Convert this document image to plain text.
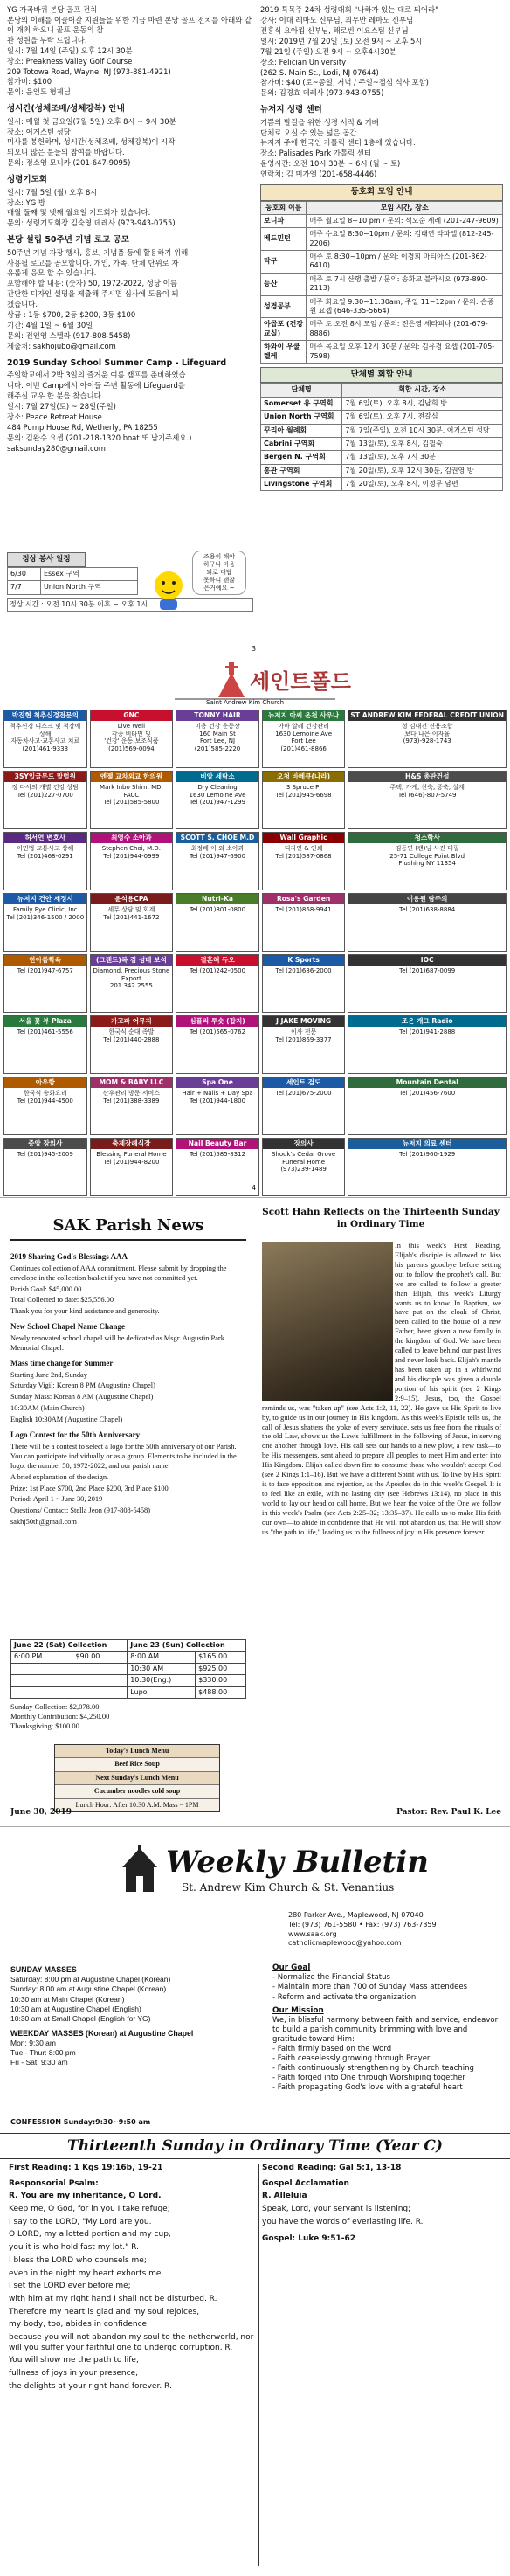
YG 가곡바퀴 본당 골프 전치

본당의 이해를 이끌어갈 지원들을 위한 기금 마련 본당 골프 전치를 아래와 같이 개최 하오니 골프 운동의 참

관 성원을 부탁 드립니다.

일시: 7월 14일 (주일) 오후 12시 30분

장소: Preakness Valley Golf Course

209 Totowa Road, Wayne, NJ (973-881-4921)

참가비: $100

문의: 윤인도 형제님

성시간(성체조배/성체강복) 안내

일시: 매월 첫 금요일(7월 5일) 오후 8시 ~ 9시 30분

장소: 어거스틴 성당

미사를 봉헌하며, 성시간(성체조배, 성체강복)이 시작

되오니 많은 분들의 참여를 바랍니다.

문의: 정소영 모니카 (201-647-9095)

성령기도회

일시: 7월 5일 (월) 오후 8시

장소: YG 방

매월 둘째 및 넷째 월요일 기도회가 있습니다.

문의: 성령기도회장 김숙영 데레사 (973-943-0755)

본당 설립 50주년 기념 로고 공모

50주년 기념 자장 행사, 홍보, 기념품 등에 활용하기 위해

사용될 로고를 공모합니다. 개인, 가족, 단체 단위로 자

유롭게 응모 할 수 있습니다.

포함해야 할 내용: (숫자) 50, 1972-2022, 성당 이름

간단한 디자인 설명을 제출해 주시면 심사에 도움이 되

겠습니다.

상금 : 1등 $700, 2등 $200, 3등 $100

기간: 4월 1일 ~ 6월 30일

문의: 전인영 스텔라 (917-808-5458)

제출처: sakhojubo@gmail.com

2019 Sunday School Summer Camp - Lifeguard

주일학교에서 2박 3일의 즐거운 여름 캠프를 준비하였습

니다. 이번 Camp에서 아이들 주변 활동에 Lifeguard를

해주실 교우 한 분을 찾습니다.

일시: 7월 27일(토) ~ 28일(주일)

장소: Peace Retreat House

484 Pump House Rd, Wetherly, PA 18255

문의: 김완수 요셉 (201-218-1320 boat 또 남기주세요.)

saksunday280@gmail.com

2019 특목주 24차 성령대회 "나하가 있는 대로 되어라"

강사: 이대 레마도 신부님, 최무만 레마도 신부님

전흥식 요아킴 신부님, 해로빈 이요스팀 신부님

일시: 2019년 7월 20일 (토) 오전 9시 ~ 오후 5시

7월 21일 (주일) 오전 9시 ~ 오후4시30분

장소: Felician University

(262 S. Main St., Lodi, NJ 07644)

참가비: $40 (토~종일, 저녁 / 주일~점심 식사 포함)

문의: 김경효 데레사 (973-943-0755)

뉴저지 성령 센터

기쁨의 발걸을 위한 성경 서적 & 기배

단체로 오실 수 있는 넓은 공간

뉴저지 주에 한국인 가톨릭 센터 1층에 있습니다.

장소: Palisades Park 가톨릭 센터

운영시간: 오전 10시 30분 ~ 6시 (월 ~ 토)

연락처: 김 미가엘 (201-658-4446)

동호회 모임 안내
동호회 이름	모임 시간, 장소
보니파	매주 월요일 8~10 pm / 문의: 석오순 세례 (201-247-9609)
베드민턴	매주 수요일 8:30~10pm / 문의: 김태연 라파엘 (812-245-2206)
탁구	매주 토 8:30~10pm / 문의: 이경희 마티아스 (201-362-6410)
등산	매주 토 7시 산행 출발 / 문의: 송화교 블라시오 (973-890-2113)
성경공부	매주 화요일 9:30~11:30am, 주일 11~12pm / 문의: 손종원 요셉 (646-335-5664)
야곱포 (건강교실)	매주 토 오전 8시 모임 / 문의: 전은영 세라피나 (201-679-8886)
하와이 우쿨렐레	매주 목요일 오후 12시 30분 / 문의: 김유경 요셉 (201-705-7598)
단체별 회합 안내
단체명	회합 시간, 장소
Somerset 유 구역회	7월 6일(토), 오후 8시, 김남희 방
Union North 구역회	7월 6일(토), 오후 7시, 전갈심
꾸리아 월례회	7월 7일(주일), 오전 10시 30분, 어거스틴 성당
Cabrini 구역회	7월 13일(토), 오후 8시, 김필숙
Bergen N. 구역회	7월 13일(토), 오후 7시 30분
홍관 구역회	7월 20일(토), 오후 12시 30분, 김권영 방
Livingstone 구역회	7월 20일(토), 오후 8시, 이정무 남편
정상 봉사 일정
6/30	Essex 구역
7/7	Union North 구역
정상 시간 : 오전 10시 30분 이후 ~ 오후 1시
조용히 해야
하구나 마음
되로 대답
못하니 괜찮
은거예요 ~
3
세인트폴드
Saint Andrew Kim Church
박진현 척추신경전문의
척추신경 디스크 및 척장애 상해
자동차사고·교통사고 치료
(201)461-9333
GNC
Live Well
각종 비타민 및
'건강' 운동 보조식품
(201)569-0094
TONNY HAIR
미용 건강 운동장
160 Main St
Fort Lee, NJ
(201)585-2220
뉴저지 아씨 온천 사우나
아마 알레 건강관리
1630 Lemoine Ave
Fort Lee
(201)461-8866
ST ANDREW KIM FEDERAL CREDIT UNION
성 김대건 신용조합
보다 나은 이자율
(973)-928-1743
3SY있글무드 말벌원
정 다사의 개별 건강 상담
Tel (201)227-0700
엔젤 교차외교 한의원
Mark Inbo Shim, MD, FACC
Tel (201)585-5800
비앙 세탁소
Dry Cleaning
1630 Lemoine Ave
Tel (201)947-1299
오청 바베큐(나라)
3 Spruce Pl
Tel (201)945-6698
H&S 총판건설
주택, 가게, 신축, 증축, 설계
Tel (646)-807-5749
허서연 변호사
이민법·교통사고·상해
Tel (201)468-0291
최영수 소아과
Stephen Choi, M.D.
Tel (201)944-0999
SCOTT S. CHOE M.D
최정배·이 외 소아과
Tel (201)947-6900
Wall Graphic
디자인 & 인쇄
Tel (201)587-0868
청소학사
김동연 (팬)님 사진 대필
25-71 College Point Blvd
Flushing NY 11354
뉴저지 건안 세정시
Family Eye Clinic, Inc
Tel (201)346-1500 / 2000
윤석용CPA
세무 상담 및 회계
Tel (201)441-1672
Nutri-Ka
Tel (201)801-0800
Rosa's Garden
Tel (201)868-9941
이용원 탐주의
Tel (201)638-8884
한아름학욕
Tel (201)947-6757
(그랜트)복 김 성테 보석
Diamond, Precious Stone Export
201 342 2555
결혼해 듀오
Tel (201)242-0500
K Sports
Tel (201)686-2000
IOC
Tel (201)687-0099
서울 꽃 뷰 Plaza
Tel (201)461-5556
가고파 어뮤지
한국식 순대·족발
Tel (201)440-2888
심플리 투숏 (잡지)
Tel (201)565-0762
J JAKE MOVING
이사 전문
Tel (201)869-3377
조은 개그 Radio
Tel (201)941-2888
아우항
한국식 송화요리
Tel (201)944-4500
MOM & BABY LLC
산후관리 방문 서비스
Tel (201)388-3389
Spa One
Hair + Nails + Day Spa
Tel (201)944-1800
세인트 검도
Tel (201)675-2000
Mountain Dental
Tel (201)456-7600
중앙 장의사
Tel (201)945-2009
축제장례식장
Blessing Funeral Home
Tel (201)944-8200
Nail Beauty Bar
Tel (201)585-8312
장의사
Shook's Cedar Grove Funeral Home
(973)239-1489
뉴저지 의료 센터
Tel (201)960-1929
4
SAK Parish News
2019 Sharing God's Blessings AAA

Continues collection of AAA commitment. Please submit by dropping the envelope in the collection basket if you have not committed yet.

Parish Goal: $45,000.00

Total Collected to date: $25,556.00

Thank you for your kind assistance and generosity.

New School Chapel Name Change

Newly renovated school chapel will be dedicated as Msgr. Augustin Park Memorial Chapel.

Mass time change for Summer

Starting June 2nd, Sunday

Saturday Vigil: Korean 8 PM (Augustine Chapel)

Sunday Mass: Korean 8 AM (Augustine Chapel)

10:30AM (Main Church)

English 10:30AM (Augustine Chapel)

Logo Contest for the 50th Anniversary

There will be a contest to select a logo for the 50th anniversary of our Parish. You can participate individually or as a group. Elements to be included in the logo: the number 50, 1972-2022, and our parish name.

A brief explanation of the design.

Prize: 1st Place $700, 2nd Place $200, 3rd Place $100

Period: April 1 ~ June 30, 2019

Questions/ Contact: Stella Jeon (917-808-5458)

sakhj50th@gmail.com

June 22 (Sat) Collection		June 23 (Sun) Collection	
6:00 PM	$90.00	8:00 AM	$165.00
		10:30 AM	$925.00
		10:30(Eng.)	$330.00
		Lupo	$488.00
Sunday Collection: $2,078.00
Monthly Contribution: $4,250.00
Thanksgiving: $100.00
Today's Lunch Menu
Beef Rice Soup
Next Sunday's Lunch Menu
Cucumber noodles cold soup
Lunch Hour: After 10:30 A.M. Mass ~ 1PM
Scott Hahn Reflects on the Thirteenth Sunday in Ordinary Time
In this week's First Reading, Elijah's disciple is allowed to kiss his parents goodbye before setting out to follow the prophet's call. But we are called to follow a greater than Elijah, this week's Liturgy wants us to know. In Baptism, we have put on the cloak of Christ, been called to the house of a new Father, been given a new family in the kingdom of God. We have been called to leave behind our past lives and never look back. Elijah's mantle has been taken up in a whirlwind and his disciple was given a double portion of his spirit (see 2 Kings 2:9–15). Jesus, too, the Gospel reminds us, was "taken up" (see Acts 1:2, 11, 22). He gave us His Spirit to live by, to guide us in our journey in His kingdom. As this week's Epistle tells us, the call of Jesus shatters the yoke of every servitude, sets us free from the rituals of the old Law, shows us the Law's fulfillment in the following of Jesus, in serving one another through love. His call sets our hands to a new plow, a new task—to be His messengers, sent ahead to prepare all peoples to meet Him and enter into His Kingdom. Elijah called down fire to consume those who wouldn't accept God (see 2 Kings 1:1–16). But we have a different Spirit with us. To live by His Spirit is to face opposition and rejection, as the Apostles do in this week's Gospel. It is to feel like an exile, with no lasting city (see Hebrews 13:14), no place in this world to lay our head or call home. But we hear the voice of the One we follow in this week's Psalm (see Acts 2:25–32; 13:35–37). He calls us to make His faith our own—to abide in confidence that He will not abandon us, that He will show us "the path to life," leading us to the fullness of joy in His presence forever.
June 30, 2019	Pastor: Rev. Paul K. Lee
Weekly Bulletin
St. Andrew Kim Church & St. Venantius
280 Parker Ave., Maplewood, NJ 07040
Tel: (973) 761-5580 • Fax: (973) 763-7359
www.saak.org
catholicmaplewood@yahoo.com
SUNDAY MASSES

Saturday: 8:00 pm at Augustine Chapel (Korean)

Sunday: 8:00 am at Augustine Chapel (Korean)

10:30 am at Main Chapel (Korean)

10:30 am at Augustine Chapel (English)

10:30 am at Small Chapel (English for YG)

WEEKDAY MASSES (Korean) at Augustine Chapel

Mon: 9:30 am

Tue - Thur: 8:00 pm

Fri - Sat: 9:30 am

Our Goal

- Normalize the Financial Status

- Maintain more than 700 of Sunday Mass attendees

- Reform and activate the organization

Our Mission

We, in blissful harmony between faith and service, endeavor to build a parish community brimming with love and gratitude toward Him:

- Faith firmly based on the Word

- Faith ceaselessly growing through Prayer

- Faith continuously strengthening by Church teaching

- Faith forged into One through Worshiping together

- Faith propagating God's love with a grateful heart

CONFESSION Sunday:9:30~9:50 am
Thirteenth Sunday in Ordinary Time (Year C)

First Reading: 1 Kgs 19:16b, 19-21

Responsorial Psalm:

R. You are my inheritance, O Lord.

Keep me, O God, for in you I take refuge;

I say to the LORD, "My Lord are you.

O LORD, my allotted portion and my cup,

you it is who hold fast my lot." R.

I bless the LORD who counsels me;

even in the night my heart exhorts me.

I set the LORD ever before me;

with him at my right hand I shall not be disturbed. R.

Therefore my heart is glad and my soul rejoices,

my body, too, abides in confidence

because you will not abandon my soul to the netherworld, nor will you suffer your faithful one to undergo corruption. R.

You will show me the path to life,

fullness of joys in your presence,

the delights at your right hand forever. R.

Second Reading: Gal 5:1, 13-18

Gospel Acclamation

R. Alleluia

Speak, Lord, your servant is listening;

you have the words of everlasting life. R.

Gospel: Luke 9:51-62
